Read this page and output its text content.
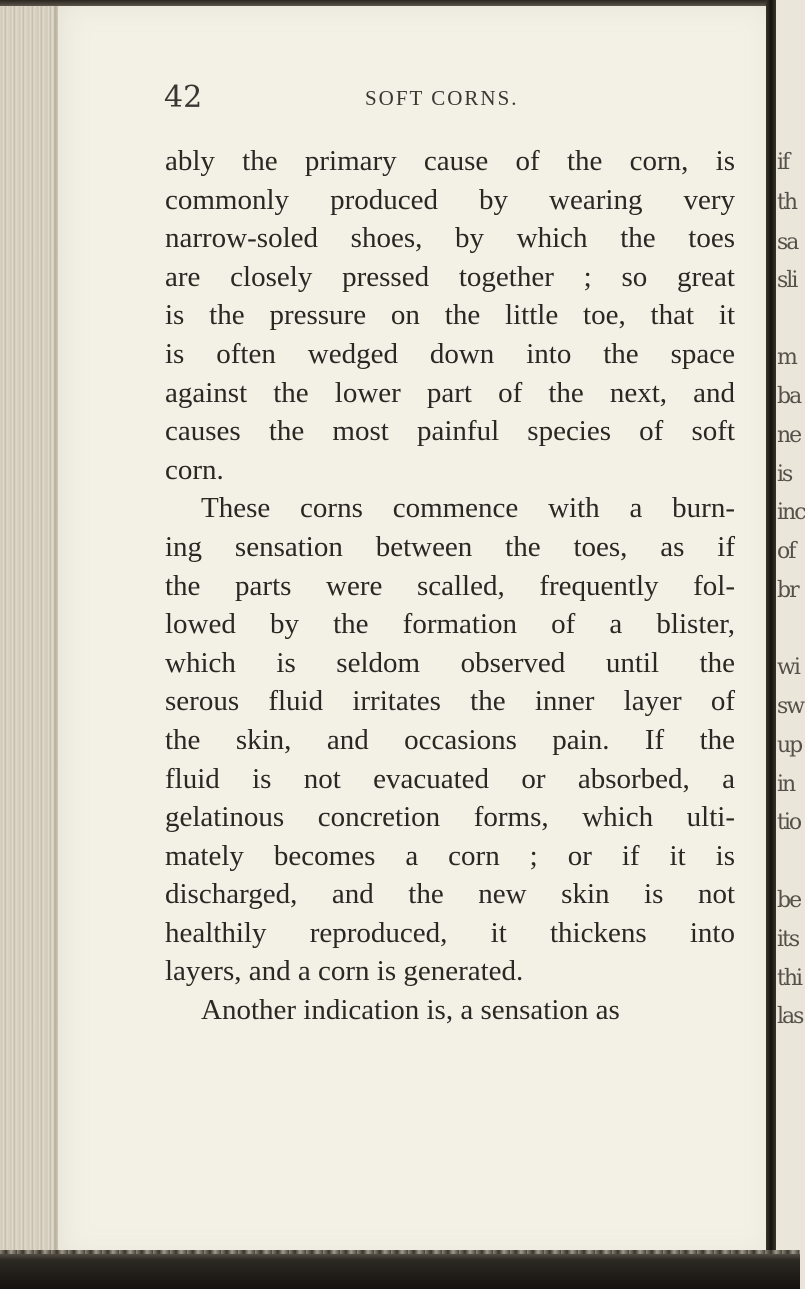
42	SOFT CORNS.
ably the primary cause of the corn, is
commonly produced by wearing very
narrow-soled shoes, by which the toes
are closely pressed together ; so great
is the pressure on the little toe, that it
is often wedged down into the space
against the lower part of the next, and
causes the most painful species of soft
corn.
These corns commence with a burn-
ing sensation between the toes, as if
the parts were scalled, frequently fol-
lowed by the formation of a blister,
which is seldom observed until the
serous fluid irritates the inner layer of
the skin, and occasions pain. If the
fluid is not evacuated or absorbed, a
gelatinous concretion forms, which ulti-
mately becomes a corn ; or if it is
discharged, and the new skin is not
healthily reproduced, it thickens into
layers, and a corn is generated.
Another indication is, a sensation as
if
th
sa
sli
m
ba
ne
is
inc
of
br
wi
sw
up
in
tio
be
its
thi
las
